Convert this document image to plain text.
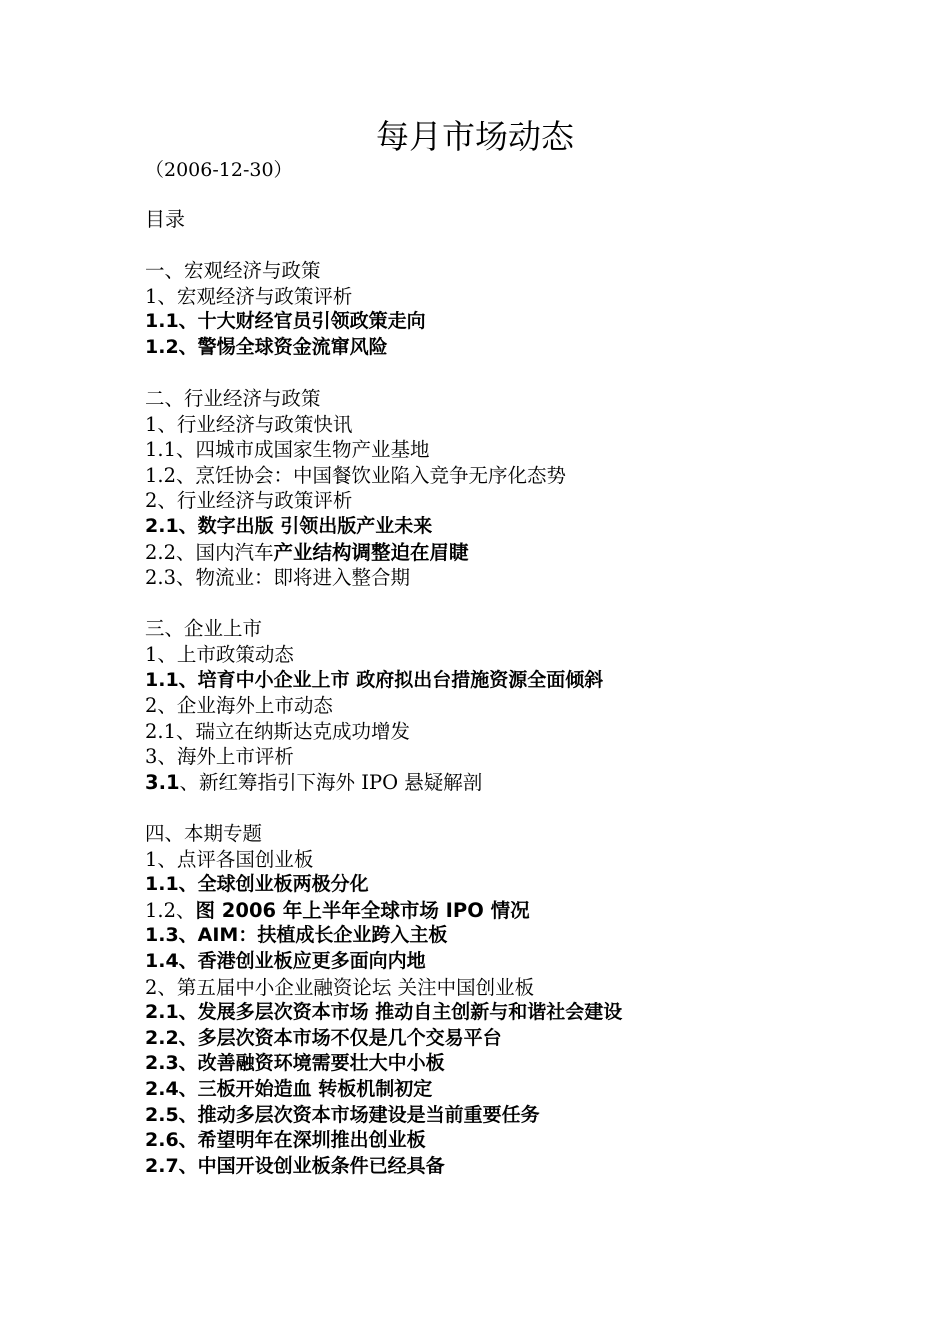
每月市场动态

（2006-12-30）

目录

一、宏观经济与政策
1、宏观经济与政策评析
1.1、十大财经官员引领政策走向
1.2、警惕全球资金流窜风险
二、行业经济与政策
1、行业经济与政策快讯
1.1、四城市成国家生物产业基地
1.2、烹饪协会：中国餐饮业陷入竞争无序化态势
2、行业经济与政策评析
2.1、数字出版 引领出版产业未来
2.2、国内汽车产业结构调整迫在眉睫
2.3、物流业：即将进入整合期
三、企业上市
1、上市政策动态
1.1、培育中小企业上市 政府拟出台措施资源全面倾斜
2、企业海外上市动态
2.1、瑞立在纳斯达克成功增发
3、海外上市评析
3.1、新红筹指引下海外 IPO 悬疑解剖
四、本期专题
1、点评各国创业板
1.1、全球创业板两极分化
1.2、图 2006 年上半年全球市场 IPO 情况
1.3、AIM：扶植成长企业跨入主板
1.4、香港创业板应更多面向内地
2、第五届中小企业融资论坛 关注中国创业板
2.1、发展多层次资本市场 推动自主创新与和谐社会建设
2.2、多层次资本市场不仅是几个交易平台
2.3、改善融资环境需要壮大中小板
2.4、三板开始造血 转板机制初定
2.5、推动多层次资本市场建设是当前重要任务
2.6、希望明年在深圳推出创业板
2.7、中国开设创业板条件已经具备
